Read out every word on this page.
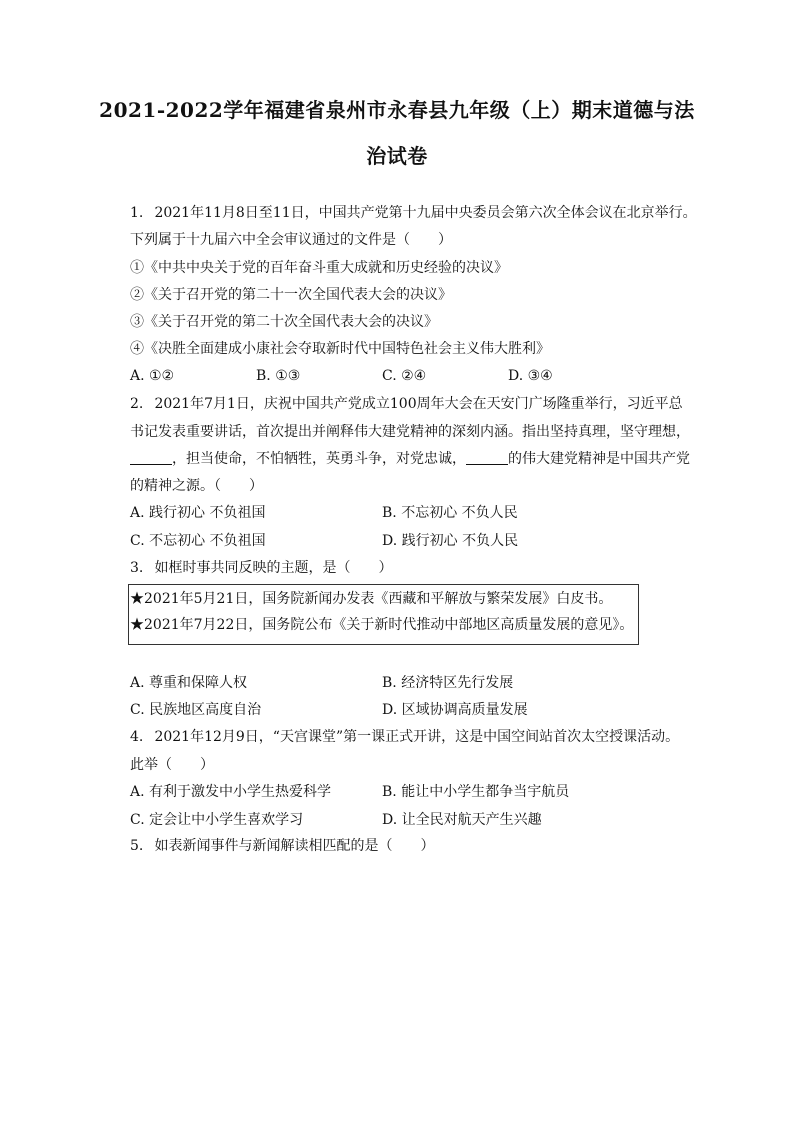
2021-2022学年福建省泉州市永春县九年级（上）期末道德与法
治试卷
1. 2021年11月8日至11日，中国共产党第十九届中央委员会第六次全体会议在北京举行。
下列属于十九届六中全会审议通过的文件是（　　）
①《中共中央关于党的百年奋斗重大成就和历史经验的决议》
②《关于召开党的第二十一次全国代表大会的决议》
③《关于召开党的第二十次全国代表大会的决议》
④《决胜全面建成小康社会夺取新时代中国特色社会主义伟大胜利》
A. ①②	B. ①③	C. ②④	D. ③④
2. 2021年7月1日，庆祝中国共产党成立100周年大会在天安门广场隆重举行，习近平总
书记发表重要讲话，首次提出并阐释伟大建党精神的深刻内涵。指出坚持真理，坚守理想，
，担当使命，不怕牺牲，英勇斗争，对党忠诚，	的伟大建党精神是中国共产党
的精神之源。（　　）
A. 践行初心 不负祖国	B. 不忘初心 不负人民
C. 不忘初心 不负祖国	D. 践行初心 不负人民
3. 如框时事共同反映的主题，是（　　）
★2021年5月21日，国务院新闻办发表《西藏和平解放与繁荣发展》白皮书。
★2021年7月22日，国务院公布《关于新时代推动中部地区高质量发展的意见》。
A. 尊重和保障人权	B. 经济特区先行发展
C. 民族地区高度自治	D. 区域协调高质量发展
4. 2021年12月9日，“天宫课堂”第一课正式开讲，这是中国空间站首次太空授课活动。
此举（　　）
A. 有利于激发中小学生热爱科学	B. 能让中小学生都争当宇航员
C. 定会让中小学生喜欢学习	D. 让全民对航天产生兴趣
5. 如表新闻事件与新闻解读相匹配的是（　　）
